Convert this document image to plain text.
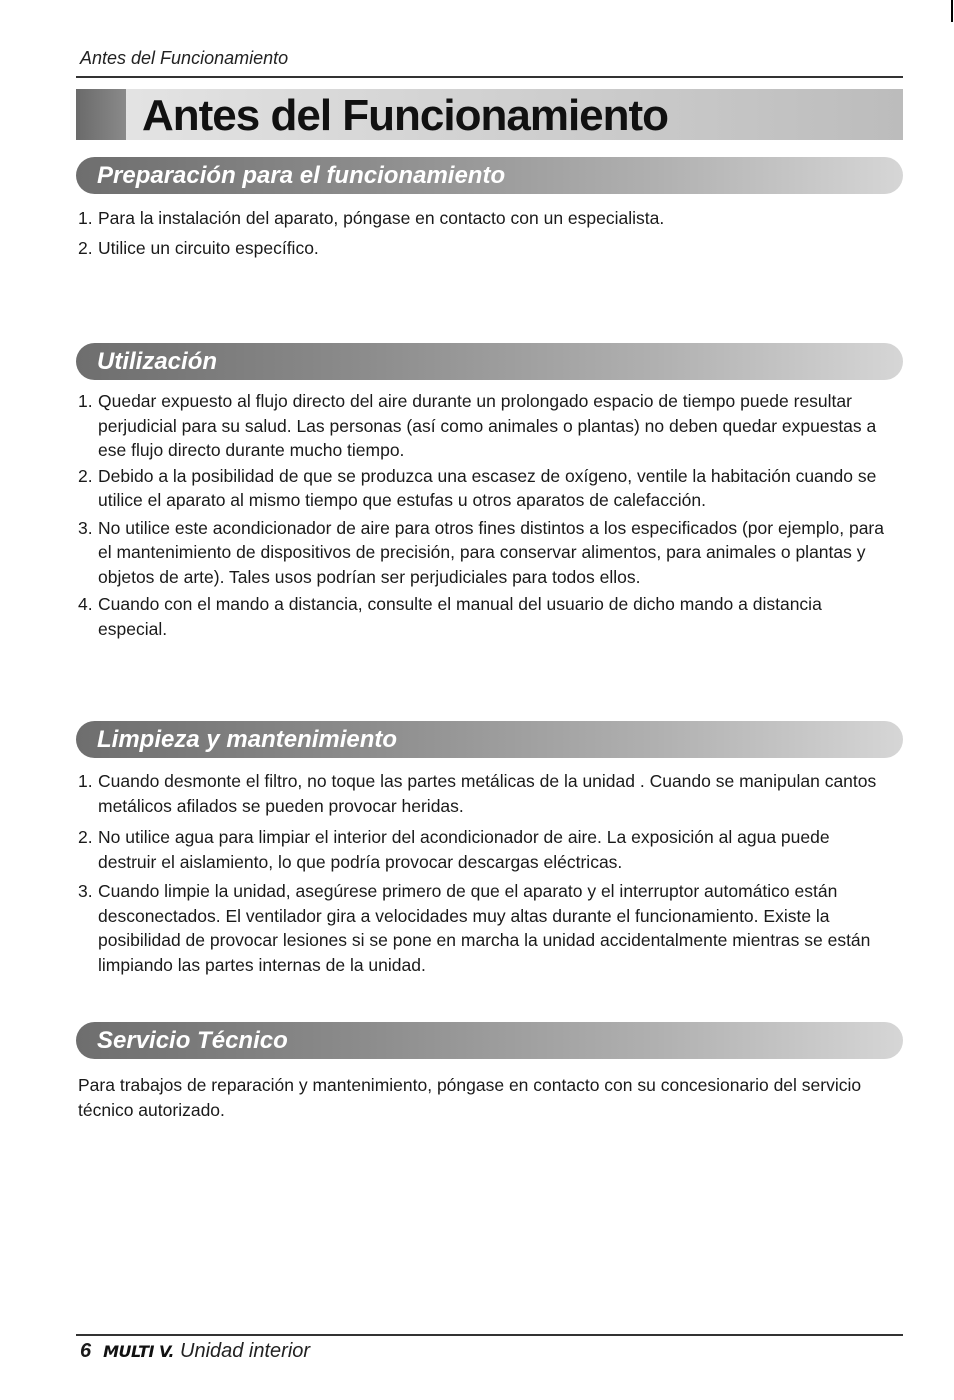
Antes del Funcionamiento
Antes del Funcionamiento
Preparación para el funcionamiento
1. Para la instalación del aparato, póngase en contacto con un especialista.
2. Utilice un circuito específico.
Utilización
1. Quedar expuesto al flujo directo del aire durante un prolongado espacio de tiempo puede resultar perjudicial para su salud. Las personas (así como animales o plantas) no deben quedar expuestas a ese flujo directo durante mucho tiempo.
2. Debido a la posibilidad de que se produzca una escasez de oxígeno, ventile la habitación cuando se utilice el aparato al mismo tiempo que estufas u otros aparatos de calefacción.
3. No utilice este acondicionador de aire para otros fines distintos a los especificados (por ejemplo, para el mantenimiento de dispositivos de precisión, para conservar alimentos, para animales o plantas y objetos de arte). Tales usos podrían ser perjudiciales para todos ellos.
4. Cuando con el mando a distancia, consulte el manual del usuario de dicho mando a distancia especial.
Limpieza y mantenimiento
1. Cuando desmonte el filtro, no toque las partes metálicas de la unidad . Cuando se manipulan cantos metálicos afilados se pueden provocar heridas.
2. No utilice agua para limpiar el interior del acondicionador de aire. La exposición al agua puede destruir el aislamiento, lo que podría provocar descargas eléctricas.
3. Cuando limpie la unidad, asegúrese primero de que el aparato y el interruptor automático están desconectados. El ventilador gira a velocidades muy altas durante el funcionamiento. Existe la posibilidad de provocar lesiones si se pone en marcha la unidad accidentalmente mientras se están limpiando las partes internas de la unidad.
Servicio Técnico
Para trabajos de reparación y mantenimiento, póngase en contacto con su concesionario del servicio técnico autorizado.
6 MULTI V. Unidad interior
